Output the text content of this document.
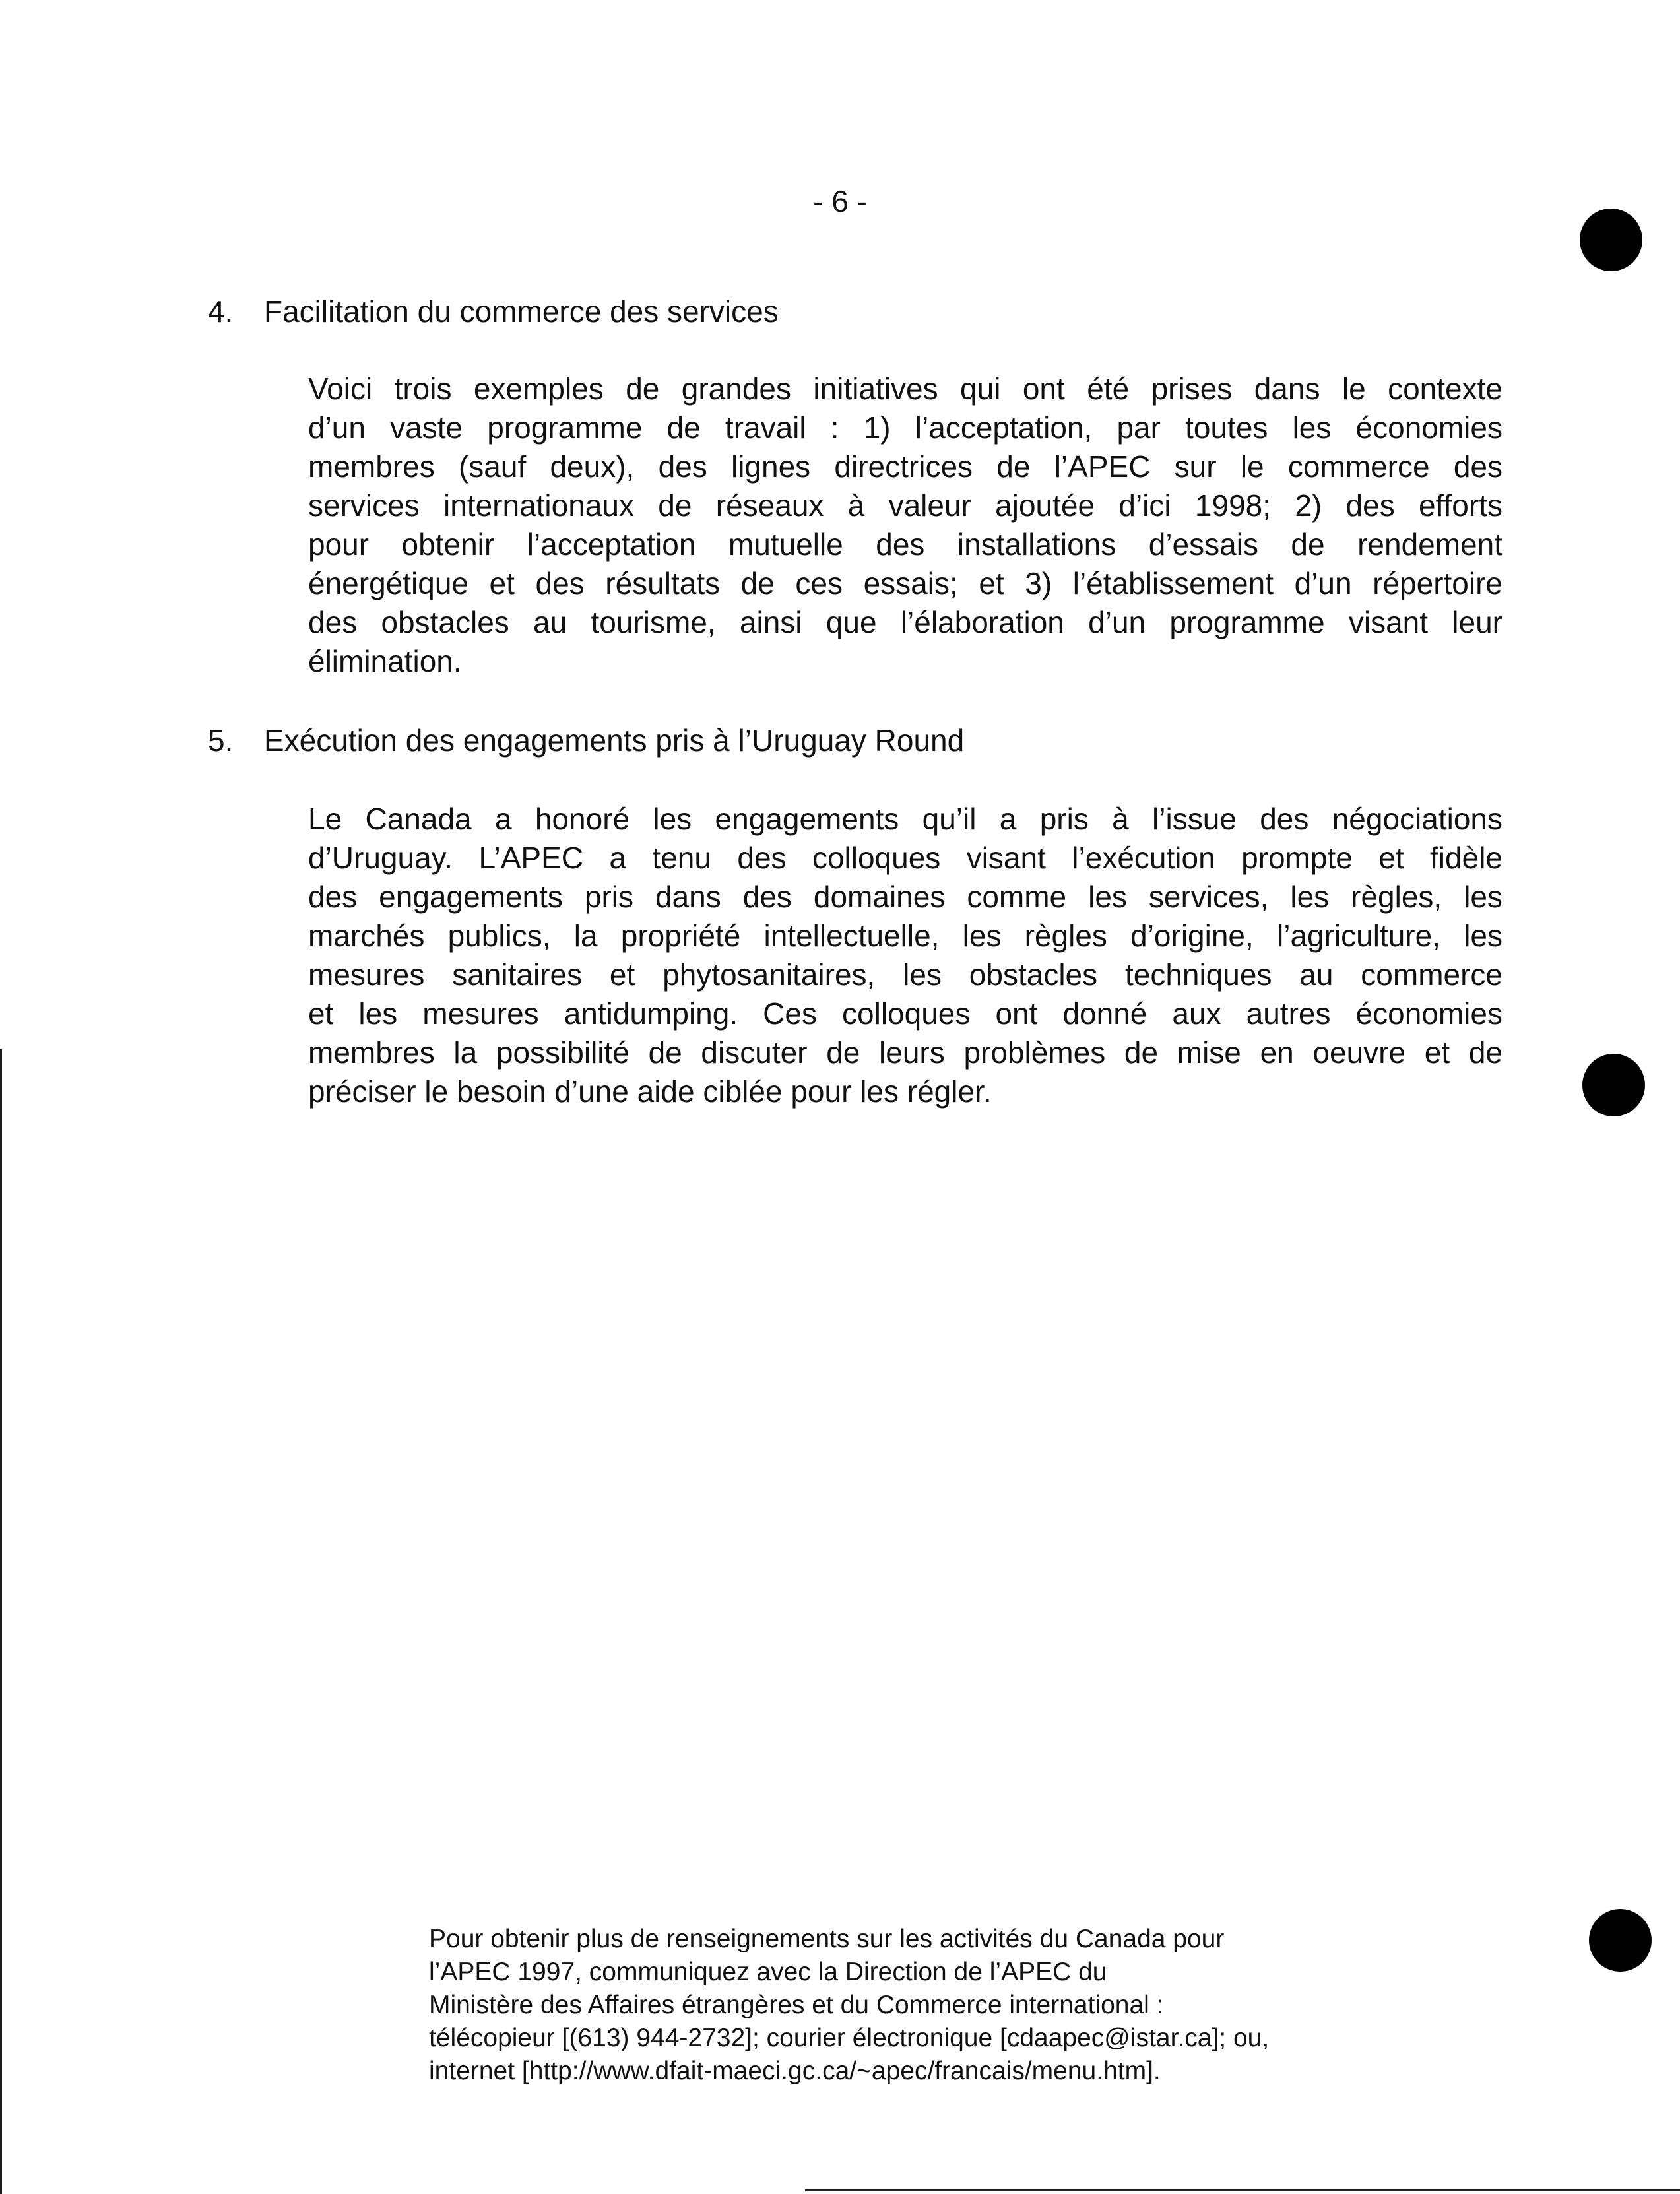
- 6 -
4. Facilitation du commerce des services
Voici trois exemples de grandes initiatives qui ont été prises dans le contexte
d’un vaste programme de travail : 1) l’acceptation, par toutes les économies
membres (sauf deux), des lignes directrices de l’APEC sur le commerce des
services internationaux de réseaux à valeur ajoutée d’ici 1998; 2) des efforts
pour obtenir l’acceptation mutuelle des installations d’essais de rendement
énergétique et des résultats de ces essais; et 3) l’établissement d’un répertoire
des obstacles au tourisme, ainsi que l’élaboration d’un programme visant leur
élimination.
5. Exécution des engagements pris à l’Uruguay Round
Le Canada a honoré les engagements qu’il a pris à l’issue des négociations
d’Uruguay. L’APEC a tenu des colloques visant l’exécution prompte et fidèle
des engagements pris dans des domaines comme les services, les règles, les
marchés publics, la propriété intellectuelle, les règles d’origine, l’agriculture, les
mesures sanitaires et phytosanitaires, les obstacles techniques au commerce
et les mesures antidumping. Ces colloques ont donné aux autres économies
membres la possibilité de discuter de leurs problèmes de mise en oeuvre et de
préciser le besoin d’une aide ciblée pour les régler.
Pour obtenir plus de renseignements sur les activités du Canada pour
l’APEC 1997, communiquez avec la Direction de l’APEC du
Ministère des Affaires étrangères et du Commerce international :
télécopieur [(613) 944-2732]; courier électronique [cdaapec@istar.ca]; ou,
internet [http://www.dfait-maeci.gc.ca/~apec/francais/menu.htm].
